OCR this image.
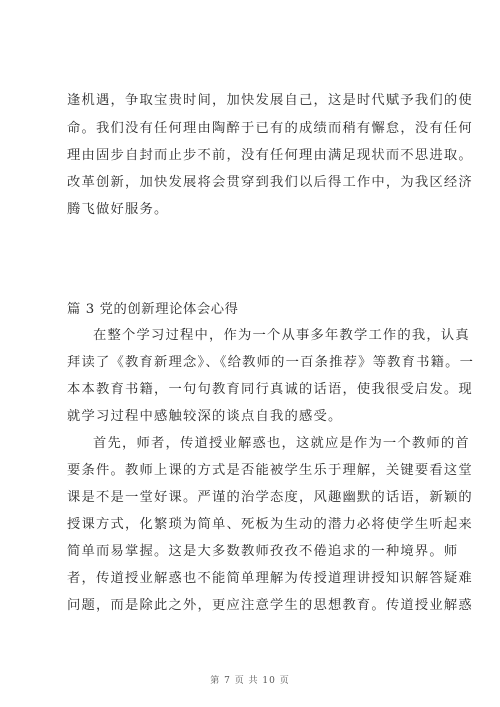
逢机遇，争取宝贵时间，加快发展自己，这是时代赋予我们的使
命。我们没有任何理由陶醉于已有的成绩而稍有懈怠，没有任何
理由固步自封而止步不前，没有任何理由满足现状而不思进取。
改革创新，加快发展将会贯穿到我们以后得工作中，为我区经济
腾飞做好服务。
篇 3 党的创新理论体会心得
在整个学习过程中，作为一个从事多年教学工作的我，认真
拜读了《教育新理念》、《给教师的一百条推荐》等教育书籍。一
本本教育书籍，一句句教育同行真诚的话语，使我很受启发。现
就学习过程中感触较深的谈点自我的感受。
首先，师者，传道授业解惑也，这就应是作为一个教师的首
要条件。教师上课的方式是否能被学生乐于理解，关键要看这堂
课是不是一堂好课。严谨的治学态度，风趣幽默的话语，新颖的
授课方式，化繁琐为简单、死板为生动的潜力必将使学生听起来
简单而易掌握。这是大多数教师孜孜不倦追求的一种境界。师
者，传道授业解惑也不能简单理解为传授道理讲授知识解答疑难
问题，而是除此之外，更应注意学生的思想教育。传道授业解惑
第 7 页 共 10 页
